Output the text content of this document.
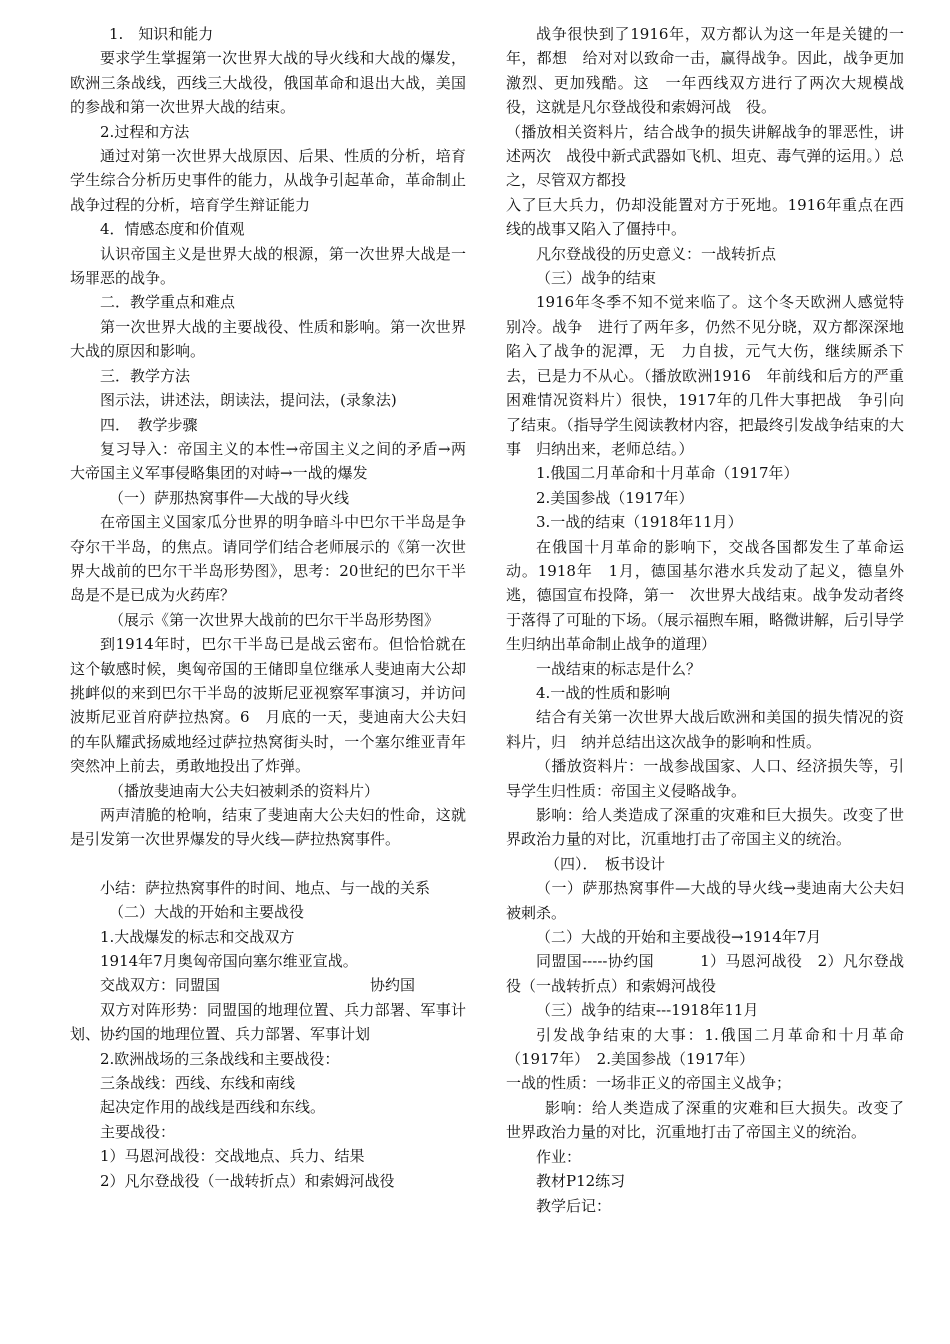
1.　知识和能力

要求学生掌握第一次世界大战的导火线和大战的爆发，欧洲三条战线，西线三大战役，俄国革命和退出大战，美国的参战和第一次世界大战的结束。

2.过程和方法

通过对第一次世界大战原因、后果、性质的分析，培育学生综合分析历史事件的能力，从战争引起革命，革命制止战争过程的分析，培育学生辩证能力

4．情感态度和价值观

认识帝国主义是世界大战的根源，第一次世界大战是一场罪恶的战争。

二．教学重点和难点

第一次世界大战的主要战役、性质和影响。第一次世界大战的原因和影响。

三．教学方法

图示法，讲述法，朗读法，提问法，(录象法)

四．　教学步骤

复习导入：帝国主义的本性→帝国主义之间的矛盾→两大帝国主义军事侵略集团的对峙→一战的爆发

（一）萨那热窝事件—大战的导火线

在帝国主义国家瓜分世界的明争暗斗中巴尔干半岛是争夺尔干半岛，的焦点。请同学们结合老师展示的《第一次世界大战前的巴尔干半岛形势图》，思考：20世纪的巴尔干半岛是不是已成为火药库？

（展示《第一次世界大战前的巴尔干半岛形势图》

到1914年时，巴尔干半岛已是战云密布。但恰恰就在这个敏感时候，奥匈帝国的王储即皇位继承人斐迪南大公却挑衅似的来到巴尔干半岛的波斯尼亚视察军事演习，并访问波斯尼亚首府萨拉热窝。6　月底的一天，斐迪南大公夫妇的车队耀武扬威地经过萨拉热窝街头时，一个塞尔维亚青年突然冲上前去，勇敢地投出了炸弹。

（播放斐迪南大公夫妇被刺杀的资料片）

两声清脆的枪响，结束了斐迪南大公夫妇的性命，这就是引发第一次世界爆发的导火线—萨拉热窝事件。

小结：萨拉热窝事件的时间、地点、与一战的关系

（二）大战的开始和主要战役

1.大战爆发的标志和交战双方

1914年7月奥匈帝国向塞尔维亚宣战。

交战双方：同盟国　　　　　　　　　　协约国

双方对阵形势：同盟国的地理位置、兵力部署、军事计划、协约国的地理位置、兵力部署、军事计划

2.欧洲战场的三条战线和主要战役：

三条战线：西线、东线和南线

起决定作用的战线是西线和东线。

主要战役：

1）马恩河战役：交战地点、兵力、结果

2）凡尔登战役（一战转折点）和索姆河战役

战争很快到了1916年，双方都认为这一年是关键的一年，都想　给对对以致命一击，赢得战争。因此，战争更加激烈、更加残酷。这　一年西线双方进行了两次大规模战役，这就是凡尔登战役和索姆河战　役。

（播放相关资料片，结合战争的损失讲解战争的罪恶性，讲述两次　战役中新式武器如飞机、坦克、毒气弹的运用。）总之，尽管双方都投

入了巨大兵力，仍却没能置对方于死地。1916年重点在西线的战事又陷入了僵持中。

凡尔登战役的历史意义：一战转折点

（三）战争的结束

1916年冬季不知不觉来临了。这个冬天欧洲人感觉特别冷。战争　进行了两年多，仍然不见分晓，双方都深深地陷入了战争的泥潭，无　力自拔，元气大伤，继续厮杀下去，已是力不从心。（播放欧洲1916　年前线和后方的严重困难情况资料片）很快，1917年的几件大事把战　争引向了结束。（指导学生阅读教材内容，把最终引发战争结束的大事　归纳出来，老师总结。）

1.俄国二月革命和十月革命（1917年）

2.美国参战（1917年）

3.一战的结束（1918年11月）

在俄国十月革命的影响下，交战各国都发生了革命运动。1918年　1月，德国基尔港水兵发动了起义，德皇外逃，德国宣布投降，第一　次世界大战结束。战争发动者终于落得了可耻的下场。（展示福煦车厢，略微讲解，后引导学生归纳出革命制止战争的道理）

一战结束的标志是什么？

4.一战的性质和影响

结合有关第一次世界大战后欧洲和美国的损失情况的资料片，归　纳并总结出这次战争的影响和性质。

（播放资料片：一战参战国家、人口、经济损失等，引导学生归性质：帝国主义侵略战争。

影响：给人类造成了深重的灾难和巨大损失。改变了世界政治力量的对比，沉重地打击了帝国主义的统治。

（四）．　板书设计

（一）萨那热窝事件—大战的导火线→斐迪南大公夫妇被刺杀。

（二）大战的开始和主要战役→1914年7月

同盟国-----协约国　　　1）马恩河战役　2）凡尔登战役（一战转折点）和索姆河战役

（三）战争的结束---1918年11月

引发战争结束的大事：1.俄国二月革命和十月革命（1917年）　2.美国参战（1917年）

一战的性质：一场非正义的帝国主义战争；

影响：给人类造成了深重的灾难和巨大损失。改变了世界政治力量的对比，沉重地打击了帝国主义的统治。

作业：

教材P12练习

教学后记：
